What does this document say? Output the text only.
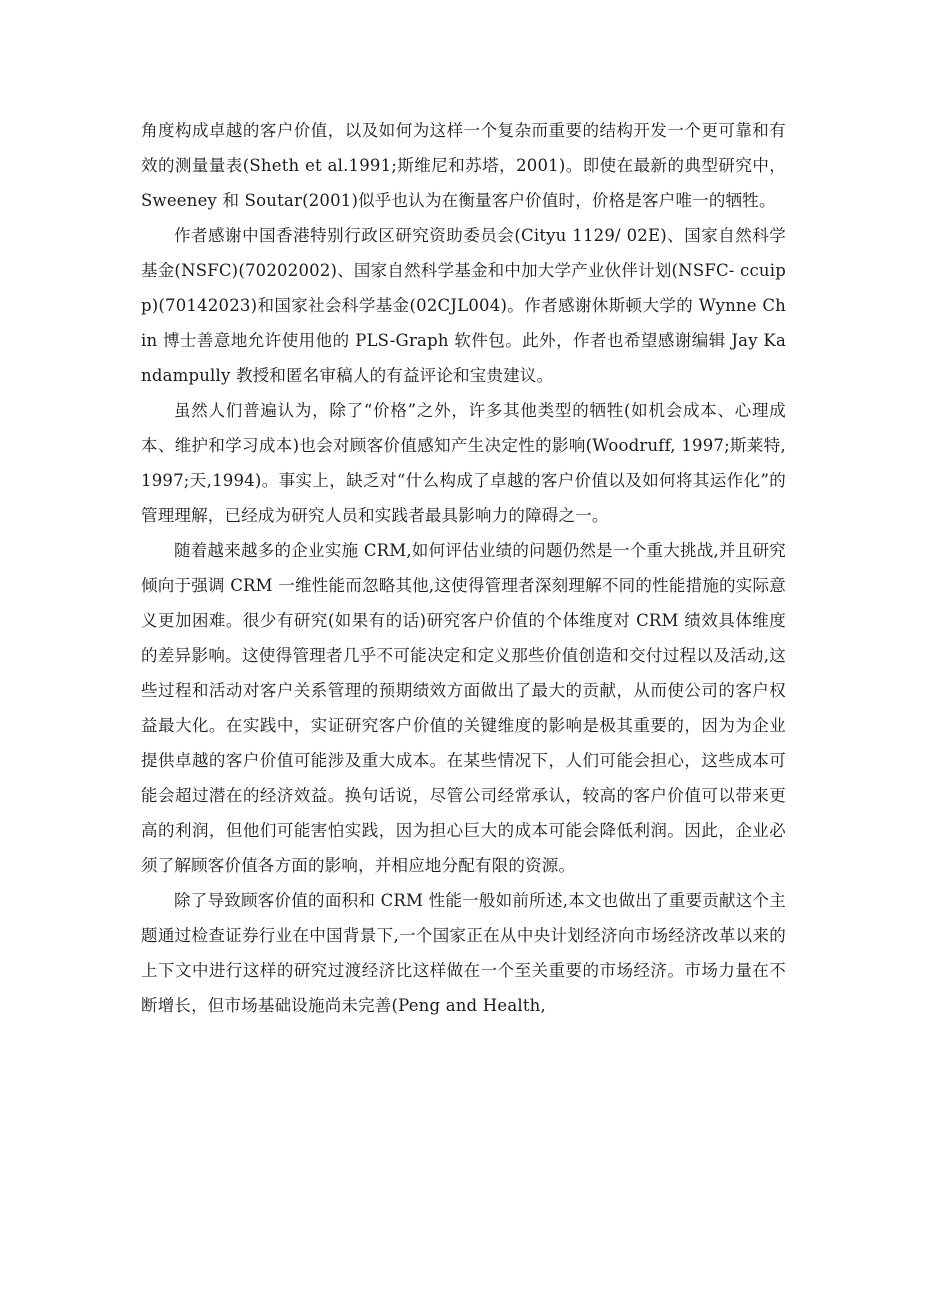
角度构成卓越的客户价值，以及如何为这样一个复杂而重要的结构开发一个更可靠和有效的测量量表(Sheth et al.1991;斯维尼和苏塔，2001)。即使在最新的典型研究中，Sweeney 和 Soutar(2001)似乎也认为在衡量客户价值时，价格是客户唯一的牺牲。

作者感谢中国香港特别行政区研究资助委员会(Cityu 1129/ 02E)、国家自然科学基金(NSFC)(70202002)、国家自然科学基金和中加大学产业伙伴计划(NSFC- ccuipp)(70142023)和国家社会科学基金(02CJL004)。作者感谢休斯顿大学的 Wynne Chin 博士善意地允许使用他的 PLS-Graph 软件包。此外，作者也希望感谢编辑 Jay Kandampully 教授和匿名审稿人的有益评论和宝贵建议。

虽然人们普遍认为，除了“价格”之外，许多其他类型的牺牲(如机会成本、心理成本、维护和学习成本)也会对顾客价值感知产生决定性的影响(Woodruff, 1997;斯莱特,1997;天,1994)。事实上，缺乏对“什么构成了卓越的客户价值以及如何将其运作化”的管理理解，已经成为研究人员和实践者最具影响力的障碍之一。

随着越来越多的企业实施 CRM,如何评估业绩的问题仍然是一个重大挑战,并且研究倾向于强调 CRM 一维性能而忽略其他,这使得管理者深刻理解不同的性能措施的实际意义更加困难。很少有研究(如果有的话)研究客户价值的个体维度对 CRM 绩效具体维度的差异影响。这使得管理者几乎不可能决定和定义那些价值创造和交付过程以及活动,这些过程和活动对客户关系管理的预期绩效方面做出了最大的贡献，从而使公司的客户权益最大化。在实践中，实证研究客户价值的关键维度的影响是极其重要的，因为为企业提供卓越的客户价值可能涉及重大成本。在某些情况下，人们可能会担心，这些成本可能会超过潜在的经济效益。换句话说，尽管公司经常承认，较高的客户价值可以带来更高的利润，但他们可能害怕实践，因为担心巨大的成本可能会降低利润。因此，企业必须了解顾客价值各方面的影响，并相应地分配有限的资源。

除了导致顾客价值的面积和 CRM 性能一般如前所述,本文也做出了重要贡献这个主题通过检查证券行业在中国背景下,一个国家正在从中央计划经济向市场经济改革以来的上下文中进行这样的研究过渡经济比这样做在一个至关重要的市场经济。市场力量在不断增长，但市场基础设施尚未完善(Peng and Health,
